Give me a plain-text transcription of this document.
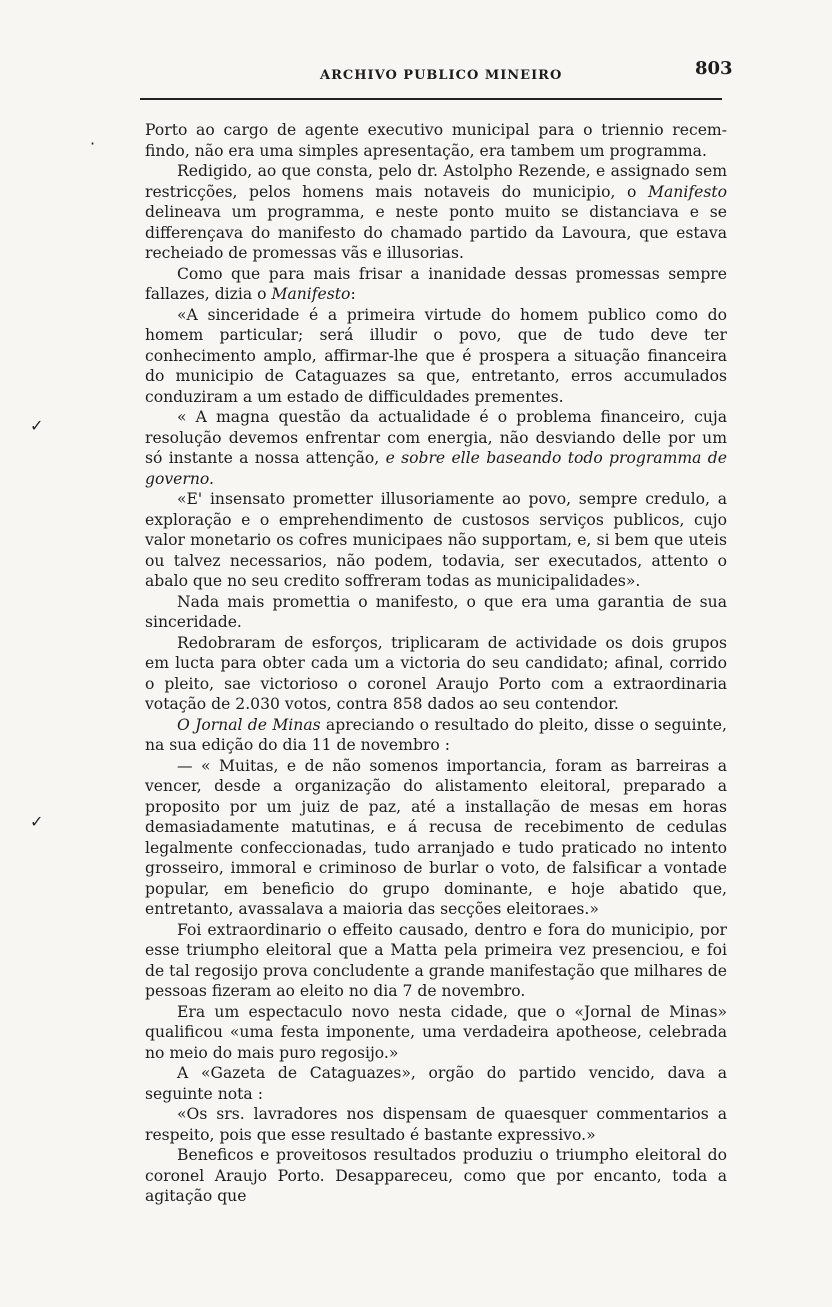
ARCHIVO PUBLICO MINEIRO	803
·
✓
✓

Porto ao cargo de agente executivo municipal para o triennio recem-findo, não era uma simples apresentação, era tambem um programma.

Redigido, ao que consta, pelo dr. Astolpho Rezende, e assignado sem restricções, pelos homens mais notaveis do municipio, o Manifesto delineava um programma, e neste ponto muito se distanciava e se differençava do manifesto do chamado partido da Lavoura, que estava recheiado de promessas vãs e illusorias.

Como que para mais frisar a inanidade dessas promessas sempre fallazes, dizia o Manifesto:

«A sinceridade é a primeira virtude do homem publico como do homem particular; será illudir o povo, que de tudo deve ter conhecimento amplo, affirmar-lhe que é prospera a situação financeira do municipio de Cataguazes sa que, entretanto, erros accumulados conduziram a um estado de difficuldades prementes.

« A magna questão da actualidade é o problema financeiro, cuja resolução devemos enfrentar com energia, não desviando delle por um só instante a nossa attenção, e sobre elle baseando todo programma de governo.

«E' insensato prometter illusoriamente ao povo, sempre credulo, a exploração e o emprehendimento de custosos serviços publicos, cujo valor monetario os cofres municipaes não supportam, e, si bem que uteis ou talvez necessarios, não podem, todavia, ser executados, attento o abalo que no seu credito soffreram todas as municipalidades».

Nada mais promettia o manifesto, o que era uma garantia de sua sinceridade.

Redobraram de esforços, triplicaram de actividade os dois grupos em lucta para obter cada um a victoria do seu candidato; afinal, corrido o pleito, sae victorioso o coronel Araujo Porto com a extraordinaria votação de 2.030 votos, contra 858 dados ao seu contendor.

O Jornal de Minas apreciando o resultado do pleito, disse o seguinte, na sua edição do dia 11 de novembro :

— « Muitas, e de não somenos importancia, foram as barreiras a vencer, desde a organização do alistamento eleitoral, preparado a proposito por um juiz de paz, até a installação de mesas em horas demasiadamente matutinas, e á recusa de recebimento de cedulas legalmente confeccionadas, tudo arranjado e tudo praticado no intento grosseiro, immoral e criminoso de burlar o voto, de falsificar a vontade popular, em beneficio do grupo dominante, e hoje abatido que, entretanto, avassalava a maioria das secções eleitoraes.»

Foi extraordinario o effeito causado, dentro e fora do municipio, por esse triumpho eleitoral que a Matta pela primeira vez presenciou, e foi de tal regosijo prova concludente a grande manifestação que milhares de pessoas fizeram ao eleito no dia 7 de novembro.

Era um espectaculo novo nesta cidade, que o «Jornal de Minas» qualificou «uma festa imponente, uma verdadeira apotheose, celebrada no meio do mais puro regosijo.»

A «Gazeta de Cataguazes», orgão do partido vencido, dava a seguinte nota :

«Os srs. lavradores nos dispensam de quaesquer commentarios a respeito, pois que esse resultado é bastante expressivo.»

Beneficos e proveitosos resultados produziu o triumpho eleitoral do coronel Araujo Porto. Desappareceu, como que por encanto, toda a agitação que
